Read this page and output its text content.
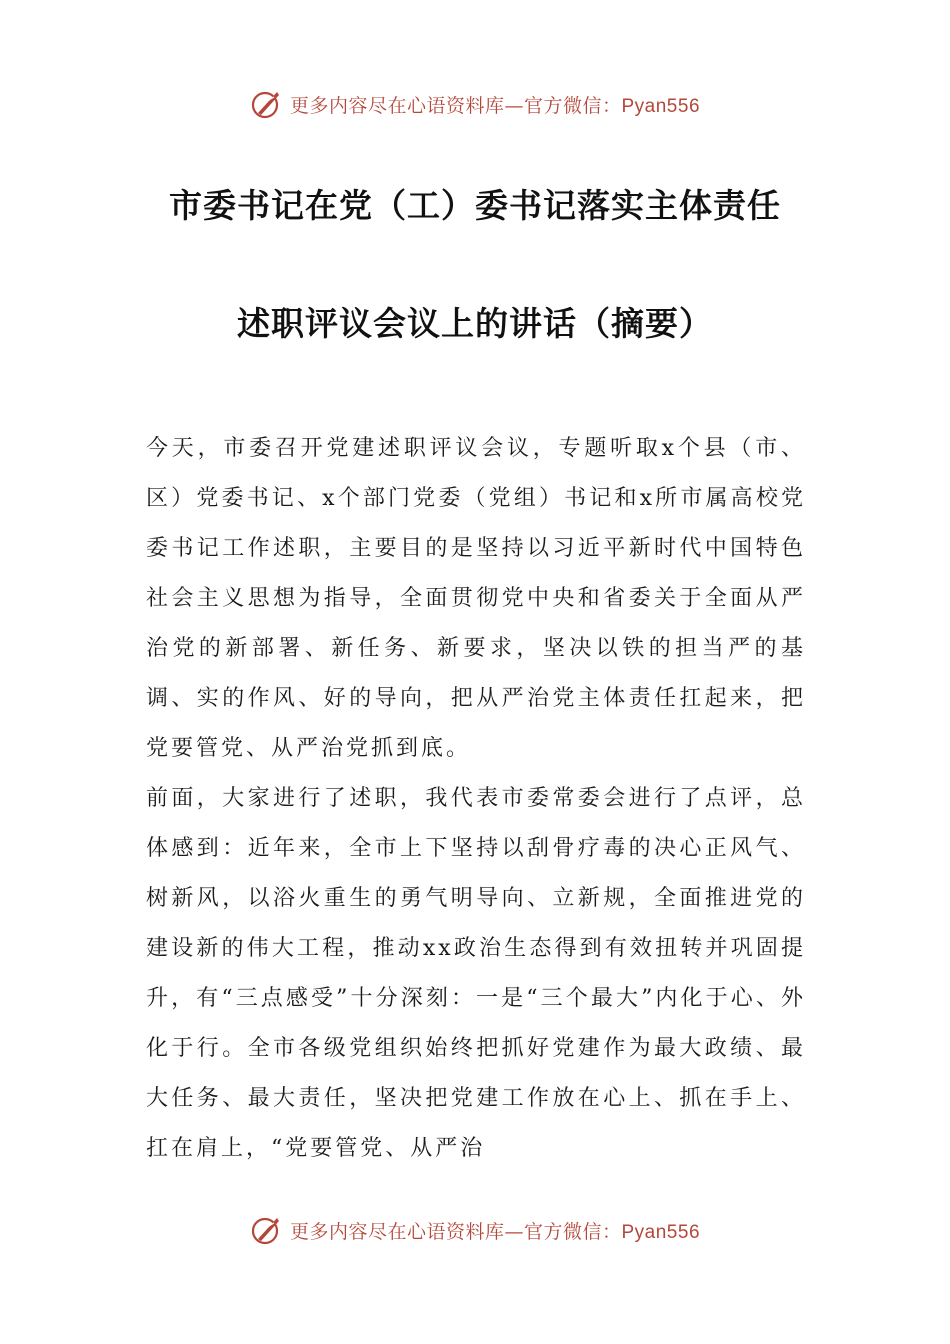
更多内容尽在心语资料库—官方微信：Pyan556
市委书记在党（工）委书记落实主体责任
述职评议会议上的讲话（摘要）

今天，市委召开党建述职评议会议，专题听取x个县（市、区）党委书记、x个部门党委（党组）书记和x所市属高校党委书记工作述职，主要目的是坚持以习近平新时代中国特色社会主义思想为指导，全面贯彻党中央和省委关于全面从严治党的新部署、新任务、新要求，坚决以铁的担当严的基调、实的作风、好的导向，把从严治党主体责任扛起来，把党要管党、从严治党抓到底。

前面，大家进行了述职，我代表市委常委会进行了点评，总体感到：近年来，全市上下坚持以刮骨疗毒的决心正风气、树新风，以浴火重生的勇气明导向、立新规，全面推进党的建设新的伟大工程，推动xx政治生态得到有效扭转并巩固提升，有“三点感受”十分深刻：一是“三个最大”内化于心、外化于行。全市各级党组织始终把抓好党建作为最大政绩、最大任务、最大责任，坚决把党建工作放在心上、抓在手上、扛在肩上，“党要管党、从严治

更多内容尽在心语资料库—官方微信：Pyan556
